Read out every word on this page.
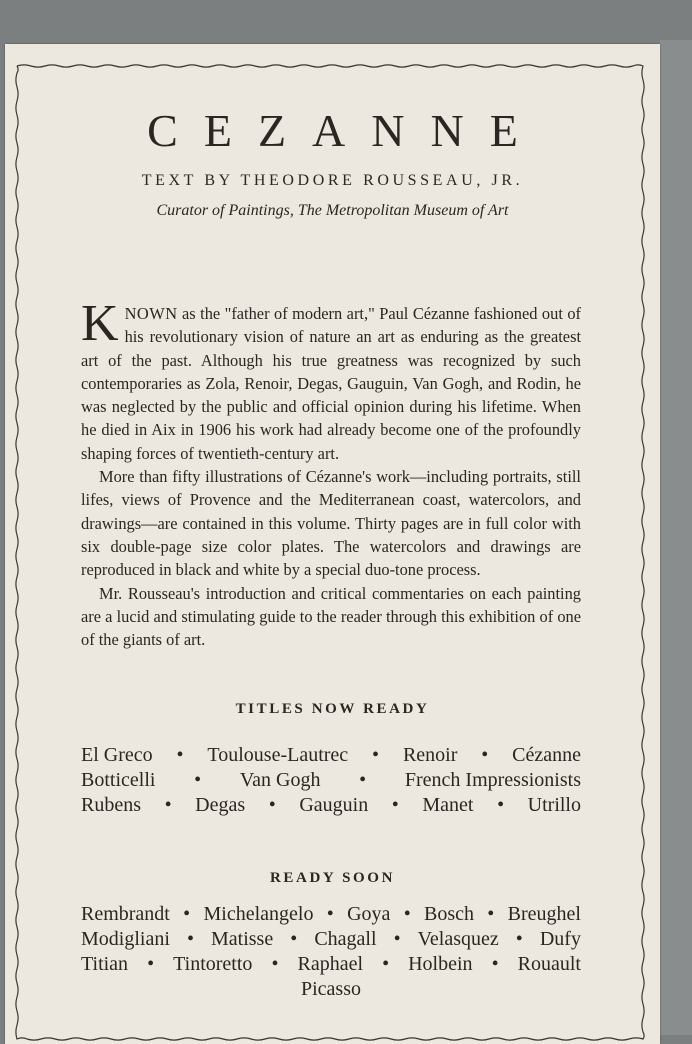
CEZANNE
TEXT BY THEODORE ROUSSEAU, JR.
Curator of Paintings, The Metropolitan Museum of Art

KNOWN as the "father of modern art," Paul Cézanne fashioned out of his revolutionary vision of nature an art as enduring as the greatest art of the past. Although his true greatness was recognized by such contemporaries as Zola, Renoir, Degas, Gauguin, Van Gogh, and Rodin, he was neglected by the public and official opinion during his lifetime. When he died in Aix in 1906 his work had already become one of the profoundly shaping forces of twentieth-century art.

More than fifty illustrations of Cézanne's work—including portraits, still lifes, views of Provence and the Mediterranean coast, watercolors, and drawings—are contained in this volume. Thirty pages are in full color with six double-page size color plates. The watercolors and drawings are reproduced in black and white by a special duo-tone process.

Mr. Rousseau's introduction and critical commentaries on each painting are a lucid and stimulating guide to the reader through this exhibition of one of the giants of art.

TITLES NOW READY
El Greco • Toulouse-Lautrec • Renoir • Cézanne
Botticelli • Van Gogh • French Impressionists
Rubens • Degas • Gauguin • Manet • Utrillo
READY SOON
Rembrandt • Michelangelo • Goya • Bosch • Breughel
Modigliani • Matisse • Chagall • Velasquez • Dufy
Titian • Tintoretto • Raphael • Holbein • Rouault
Picasso
